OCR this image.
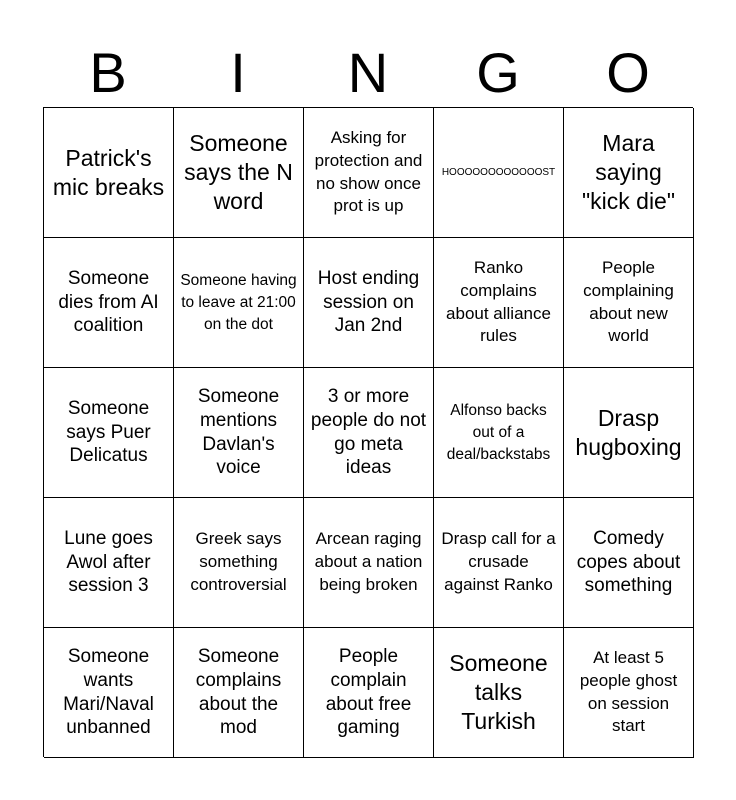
B	I	N	G	O
Patrick's mic breaks
Someone says the N word
Asking for protection and no show once prot is up
HOOOOOOOOOOOOST
Mara saying "kick die"
Someone dies from AI coalition
Someone having to leave at 21:00 on the dot
Host ending session on Jan 2nd
Ranko complains about alliance rules
People complaining about new world
Someone says Puer Delicatus
Someone mentions Davlan's voice
3 or more people do not go meta ideas
Alfonso backs out of a deal/backstabs
Drasp hugboxing
Lune goes Awol after session 3
Greek says something controversial
Arcean raging about a nation being broken
Drasp call for a crusade against Ranko
Comedy copes about something
Someone wants Mari/Naval unbanned
Someone complains about the mod
People complain about free gaming
Someone talks Turkish
At least 5 people ghost on session start
